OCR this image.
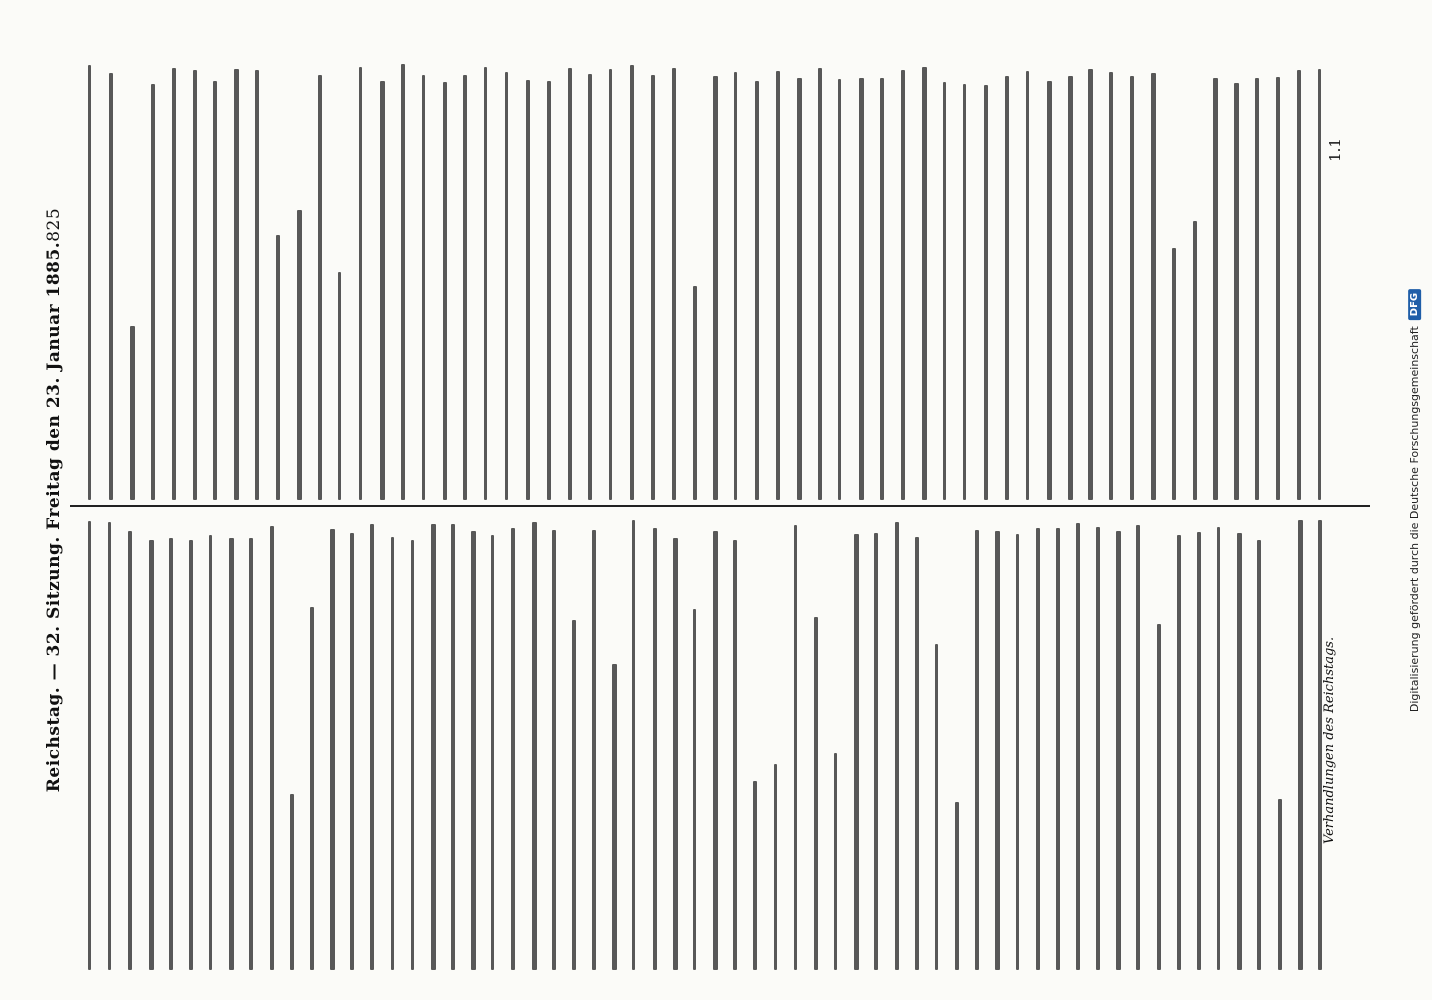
Reichstag. — 32. Sitzung. Freitag den 23. Januar 1885.
825
Verhandlungen des Reichstags.
1.1
Digitalisierung gefördert durch die Deutsche Forschungsgemeinschaft
DFG
